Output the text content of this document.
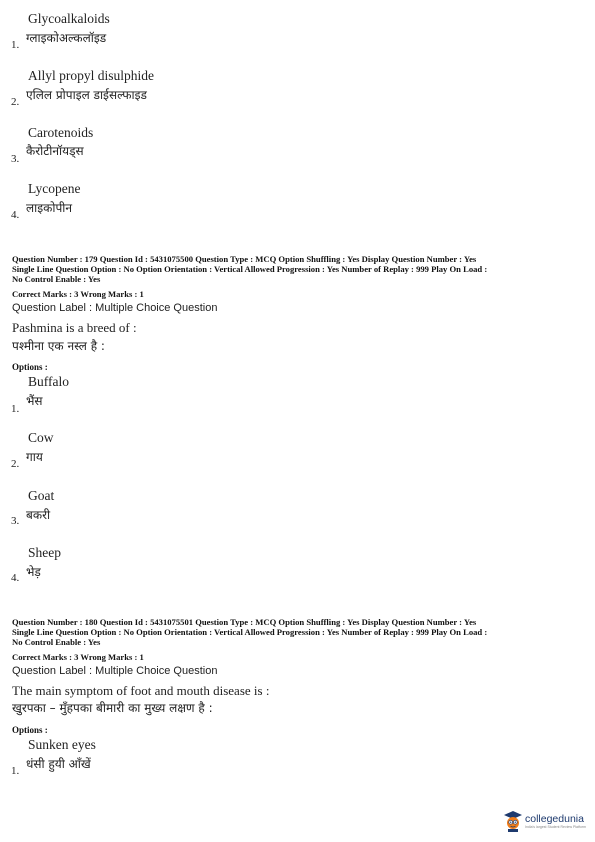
Glycoalkaloids
1. ग्लाइकोअल्कलॉइड
Allyl propyl disulphide
2. एलिल प्रोपाइल डाईसल्फाइड
Carotenoids
3.
कैरोटीनॉयड्स
Lycopene
4. लाइकोपीन
Question Number : 179 Question Id : 5431075500 Question Type : MCQ Option Shuffling : Yes Display Question Number : Yes
Single Line Question Option : No Option Orientation : Vertical Allowed Progression : Yes Number of Replay : 999 Play On Load :
No Control Enable : Yes
Correct Marks : 3 Wrong Marks : 1
Question Label : Multiple Choice Question
Pashmina is a breed of :
पश्मीना एक नस्ल है :
Options :
Buffalo
1.
भैंस
Cow
2. गाय
Goat
3. बकरी
Sheep
4. भेड़
Question Number : 180 Question Id : 5431075501 Question Type : MCQ Option Shuffling : Yes Display Question Number : Yes
Single Line Question Option : No Option Orientation : Vertical Allowed Progression : Yes Number of Replay : 999 Play On Load :
No Control Enable : Yes
Correct Marks : 3 Wrong Marks : 1
Question Label : Multiple Choice Question
The main symptom of foot and mouth disease is :
खुरपका – मुँहपका बीमारी का मुख्य लक्षण है :
Options :
Sunken eyes
1. धंसी हुयी आँखें
collegedunia
India's largest Student Review Platform
